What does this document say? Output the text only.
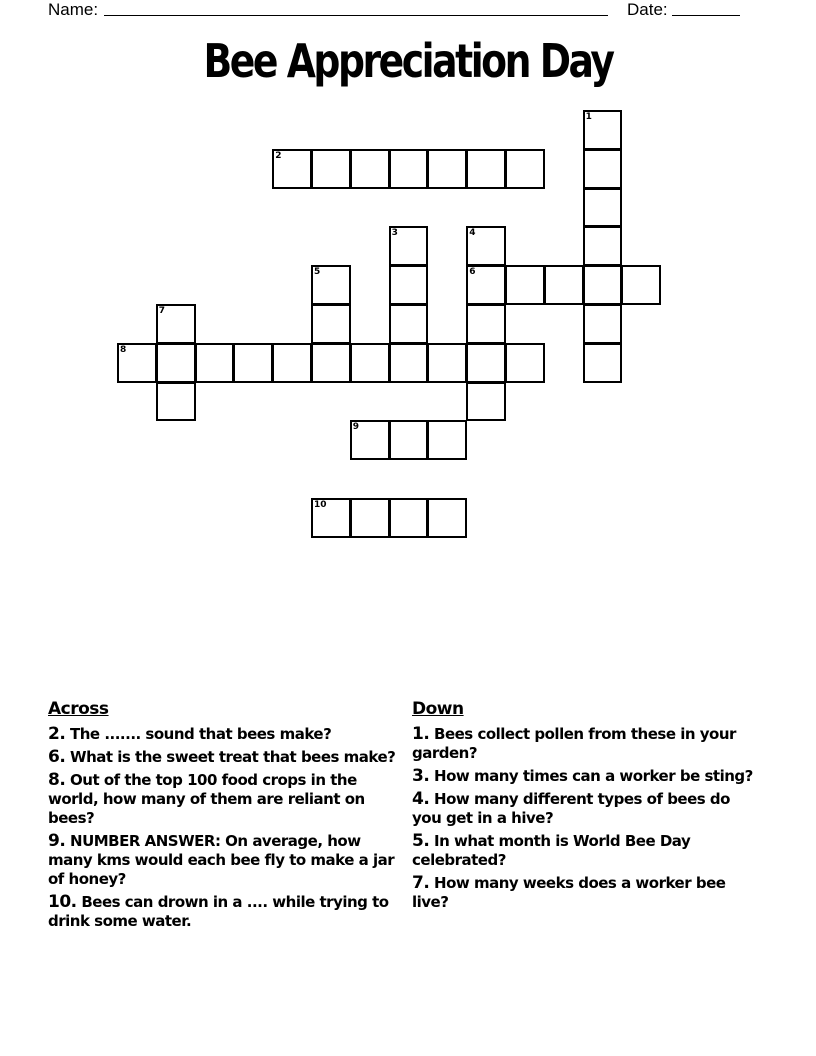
Name:	Date:
Bee Appreciation Day
1
2
3	4
6
5
7
8
9
10
Across
2. The ....... sound that bees make?
6. What is the sweet treat that bees make?
8. Out of the top 100 food crops in the world, how many of them are reliant on bees?
9. NUMBER ANSWER: On average, how many kms would each bee fly to make a jar of honey?
10. Bees can drown in a .... while trying to drink some water.
Down
1. Bees collect pollen from these in your garden?
3. How many times can a worker be sting?
4. How many different types of bees do you get in a hive?
5. In what month is World Bee Day celebrated?
7. How many weeks does a worker bee live?
